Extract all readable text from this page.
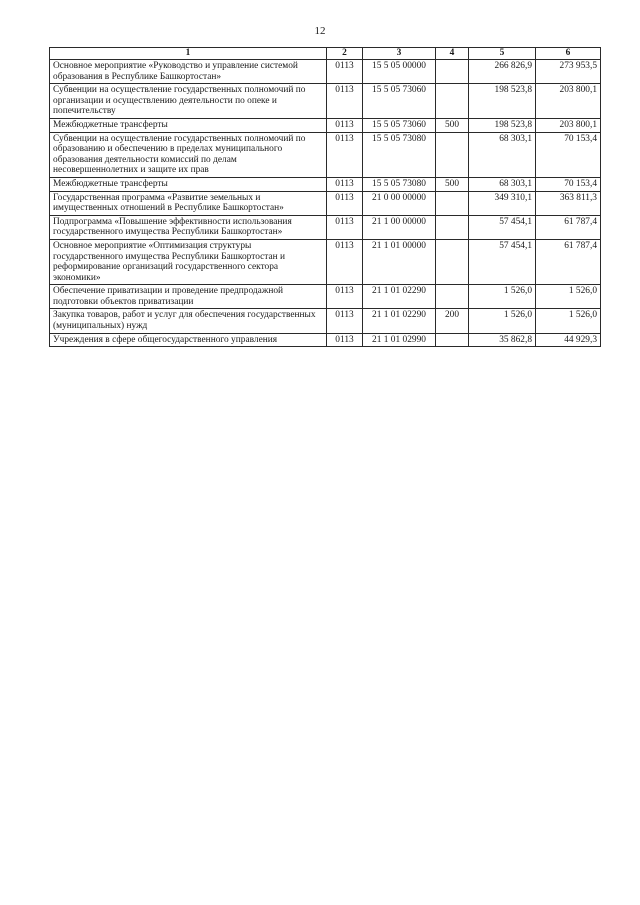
12
1	2	3	4	5	6
Основное мероприятие «Руководство и управление системой образования в Республике Башкортостан»	0113	15 5 05 00000		266 826,9	273 953,5
Субвенции на осуществление государственных полномочий по организации и осуществлению деятельности по опеке и попечительству	0113	15 5 05 73060		198 523,8	203 800,1
Межбюджетные трансферты	0113	15 5 05 73060	500	198 523,8	203 800,1
Субвенции на осуществление государственных полномочий по образованию и обеспечению в пределах муниципального образования деятельности комиссий по делам несовершеннолетних и защите их прав	0113	15 5 05 73080		68 303,1	70 153,4
Межбюджетные трансферты	0113	15 5 05 73080	500	68 303,1	70 153,4
Государственная программа «Развитие земельных и имущественных отношений в Республике Башкортостан»	0113	21 0 00 00000		349 310,1	363 811,3
Подпрограмма «Повышение эффективности использования государственного имущества Республики Башкортостан»	0113	21 1 00 00000		57 454,1	61 787,4
Основное мероприятие «Оптимизация структуры государственного имущества Республики Башкортостан и реформирование организаций государственного сектора экономики»	0113	21 1 01 00000		57 454,1	61 787,4
Обеспечение приватизации и проведение предпродажной подготовки объектов приватизации	0113	21 1 01 02290		1 526,0	1 526,0
Закупка товаров, работ и услуг для обеспечения государственных (муниципальных) нужд	0113	21 1 01 02290	200	1 526,0	1 526,0
Учреждения в сфере общегосударственного управления	0113	21 1 01 02990		35 862,8	44 929,3
